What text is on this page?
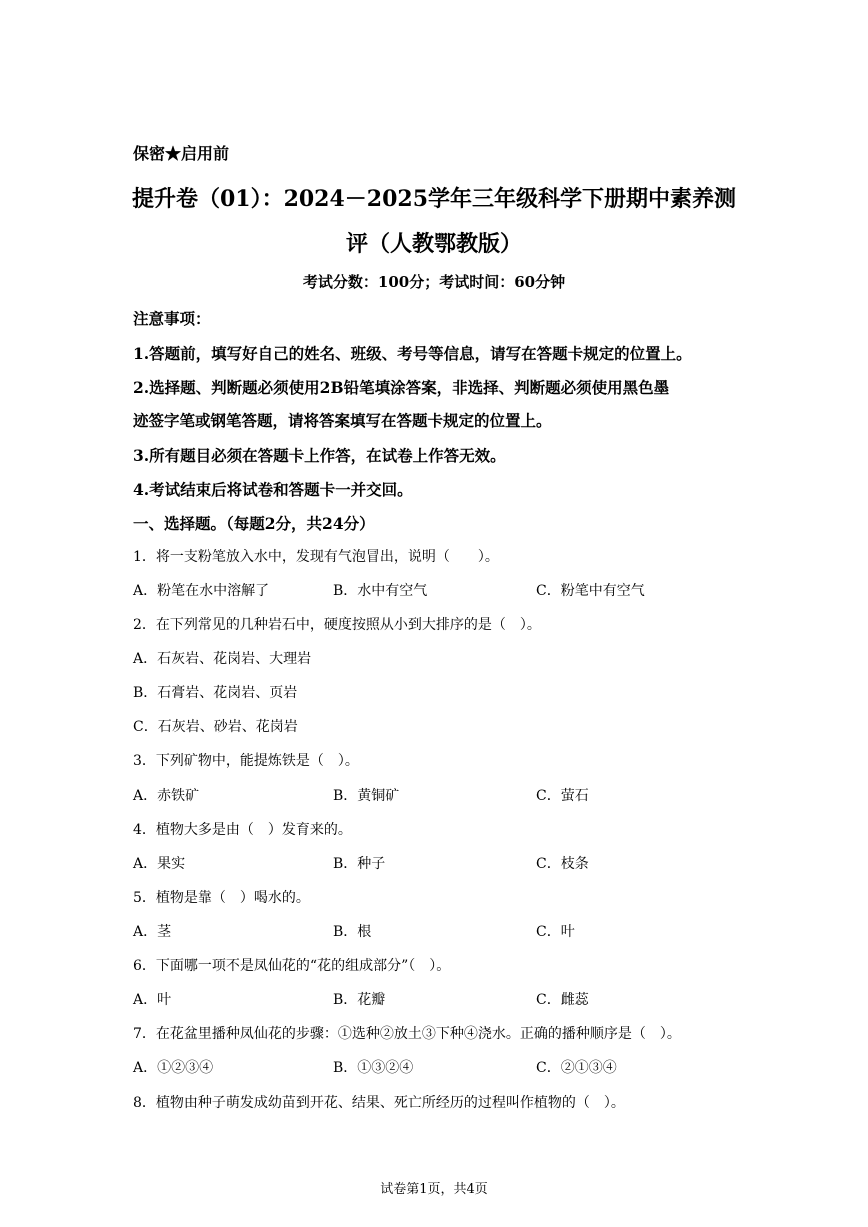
保密★启用前
提升卷（01）：2024－2025学年三年级科学下册期中素养测
评（人教鄂教版）
考试分数：100分；考试时间：60分钟
注意事项：
1.答题前，填写好自己的姓名、班级、考号等信息，请写在答题卡规定的位置上。
2.选择题、判断题必须使用2B铅笔填涂答案，非选择、判断题必须使用黑色墨
迹签字笔或钢笔答题，请将答案填写在答题卡规定的位置上。
3.所有题目必须在答题卡上作答，在试卷上作答无效。
4.考试结束后将试卷和答题卡一并交回。
一、选择题。（每题2分，共24分）
1．将一支粉笔放入水中，发现有气泡冒出，说明（　　）。
A．粉笔在水中溶解了	B．水中有空气	C．粉笔中有空气
2．在下列常见的几种岩石中，硬度按照从小到大排序的是（　）。
A．石灰岩、花岗岩、大理岩
B．石膏岩、花岗岩、页岩
C．石灰岩、砂岩、花岗岩
3．下列矿物中，能提炼铁是（　）。
A．赤铁矿	B．黄铜矿	C．萤石
4．植物大多是由（　）发育来的。
A．果实	B．种子	C．枝条
5．植物是靠（　）喝水的。
A．茎	B．根	C．叶
6．下面哪一项不是凤仙花的“花的组成部分”（　）。
A．叶	B．花瓣	C．雌蕊
7．在花盆里播种凤仙花的步骤：①选种②放土③下种④浇水。正确的播种顺序是（　）。
A．①②③④	B．①③②④	C．②①③④
8．植物由种子萌发成幼苗到开花、结果、死亡所经历的过程叫作植物的（　）。
试卷第1页，共4页
